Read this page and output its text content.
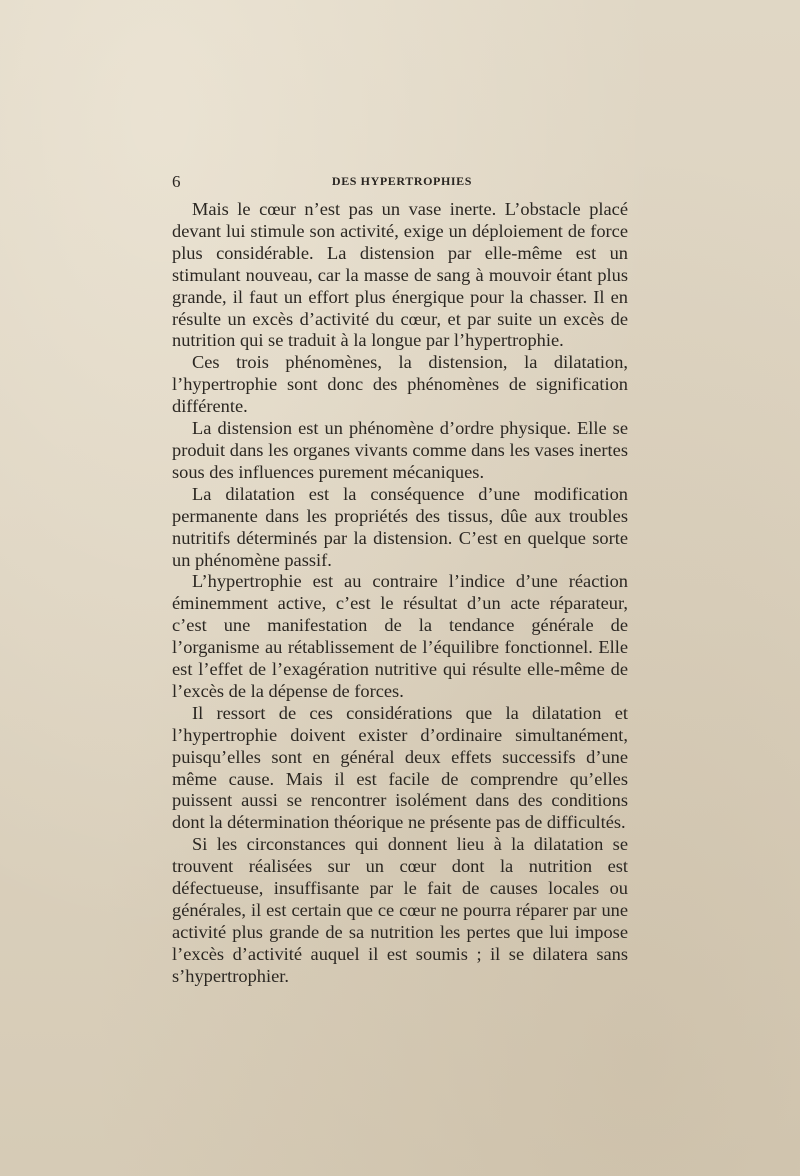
6	DES HYPERTROPHIES

Mais le cœur n’est pas un vase inerte. L’obstacle placé devant lui stimule son activité, exige un déploiement de force plus considérable. La distension par elle-même est un stimulant nouveau, car la masse de sang à mouvoir étant plus grande, il faut un effort plus énergique pour la chasser. Il en résulte un excès d’activité du cœur, et par suite un excès de nutrition qui se traduit à la longue par l’hypertrophie.

Ces trois phénomènes, la distension, la dilatation, l’hypertrophie sont donc des phénomènes de signification différente.

La distension est un phénomène d’ordre physique. Elle se produit dans les organes vivants comme dans les vases inertes sous des influences purement mécaniques.

La dilatation est la conséquence d’une modification permanente dans les propriétés des tissus, dûe aux troubles nutritifs déterminés par la distension. C’est en quelque sorte un phénomène passif.

L’hypertrophie est au contraire l’indice d’une réaction éminemment active, c’est le résultat d’un acte réparateur, c’est une manifestation de la tendance générale de l’organisme au rétablissement de l’équilibre fonctionnel. Elle est l’effet de l’exagération nutritive qui résulte elle-même de l’excès de la dépense de forces.

Il ressort de ces considérations que la dilatation et l’hypertrophie doivent exister d’ordinaire simultanément, puisqu’elles sont en général deux effets successifs d’une même cause. Mais il est facile de comprendre qu’elles puissent aussi se rencontrer isolément dans des conditions dont la détermination théorique ne présente pas de difficultés.

Si les circonstances qui donnent lieu à la dilatation se trouvent réalisées sur un cœur dont la nutrition est défectueuse, insuffisante par le fait de causes locales ou générales, il est certain que ce cœur ne pourra réparer par une activité plus grande de sa nutrition les pertes que lui impose l’excès d’activité auquel il est soumis ; il se dilatera sans s’hypertrophier.
